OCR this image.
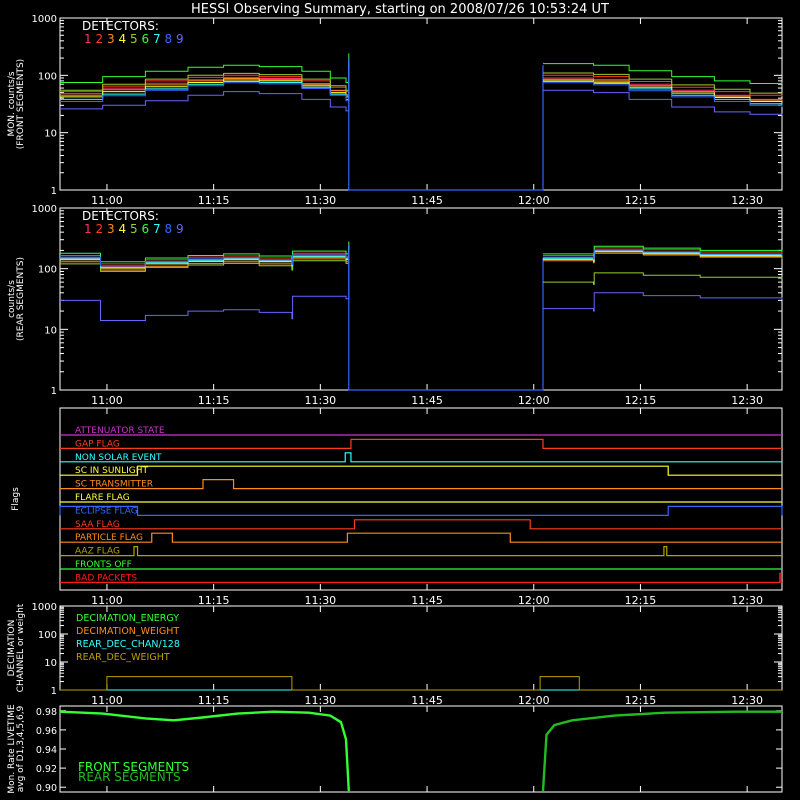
HESSI Observing Summary, starting on 2008/07/26 10:53:24 UT
11:00	11:15	11:30	11:45	12:00	12:15	12:30
1
10
100
1000
MON. counts/s (FRONT SEGMENTS)
DETECTORS:
1 2 3 4 5 6 7 8 9
11:00	11:15	11:30	11:45	12:00	12:15	12:30
1
10
100
1000
counts/s (REAR SEGMENTS)
DETECTORS:
1 2 3 4 5 6 7 8 9
11:00	11:15	11:30	11:45	12:00	12:15	12:30
Flags
ATTENUATOR STATE
GAP FLAG
NON SOLAR EVENT
SC IN SUNLIGHT
SC TRANSMITTER
FLARE FLAG
ECLIPSE FLAG
SAA FLAG
PARTICLE FLAG
AAZ FLAG
FRONTS OFF
BAD PACKETS
11:00	11:15	11:30	11:45	12:00	12:15	12:30
1
10
100
1000
DECIMATION CHANNEL or weight	DECIMATION_ENERGY
DECIMATION_WEIGHT
REAR_DEC_CHAN/128
REAR_DEC_WEIGHT
0.90
0.92
0.94
0.96
0.98
Mon. Rate LIVETIME avg of D1,3,4,5,6,9	FRONT SEGMENTS
REAR SEGMENTS
